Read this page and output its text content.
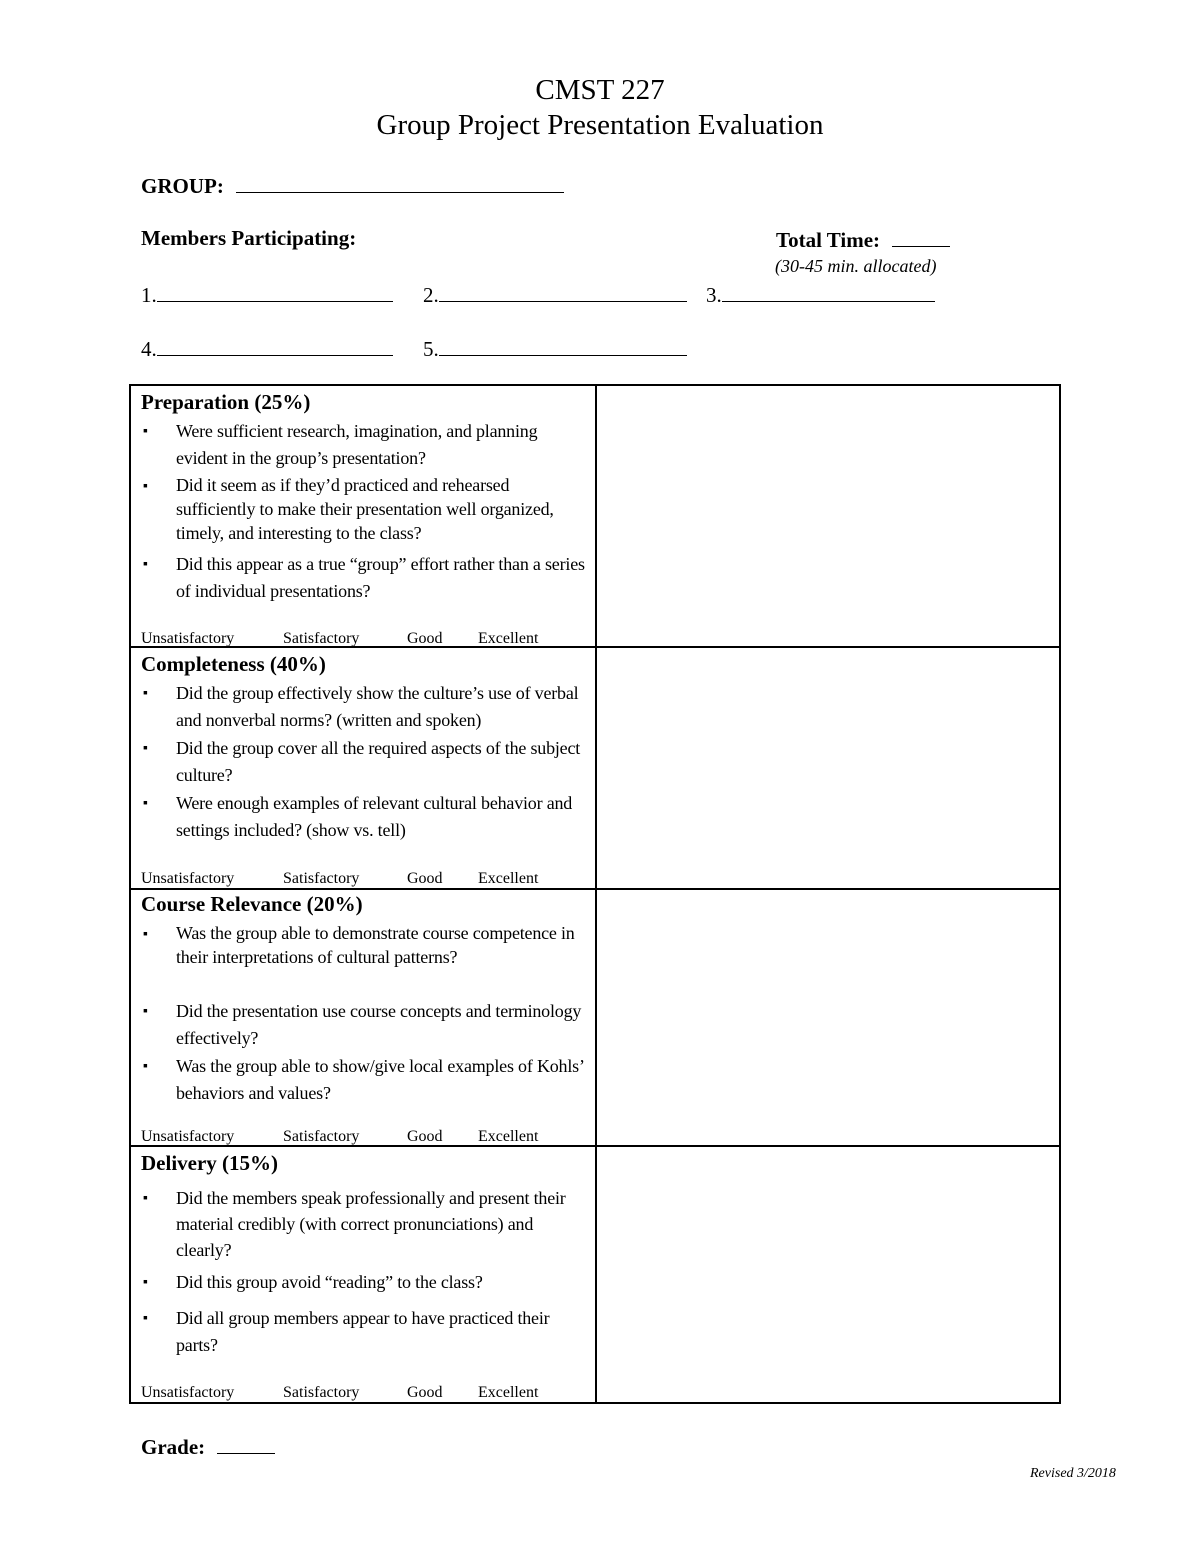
CMST 227
Group Project Presentation Evaluation
GROUP:
Members Participating:	Total Time:
(30-45 min. allocated)
1.	2.	3.
4.	5.
Preparation (25%)
▪ Were sufficient research, imagination, and planning evident in the group’s presentation?
▪ Did it seem as if they’d practiced and rehearsed sufficiently to make their presentation well organized, timely, and interesting to the class?
▪ Did this appear as a true “group” effort rather than a series of individual presentations?
Unsatisfactory	Satisfactory	Good Excellent
Completeness (40%)
▪ Did the group effectively show the culture’s use of verbal and nonverbal norms? (written and spoken)
▪ Did the group cover all the required aspects of the subject culture?
▪ Were enough examples of relevant cultural behavior and settings included? (show vs. tell)
Unsatisfactory	Satisfactory	Good Excellent
Course Relevance (20%)
▪ Was the group able to demonstrate course competence in their interpretations of cultural patterns?
▪ Did the presentation use course concepts and terminology effectively?
▪ Was the group able to show/give local examples of Kohls’ behaviors and values?
Unsatisfactory	Satisfactory	Good Excellent
Delivery (15%)
▪ Did the members speak professionally and present their material credibly (with correct pronunciations) and clearly?
▪ Did this group avoid “reading” to the class?
▪ Did all group members appear to have practiced their parts?
Unsatisfactory	Satisfactory	Good Excellent
Grade:
Revised 3/2018
